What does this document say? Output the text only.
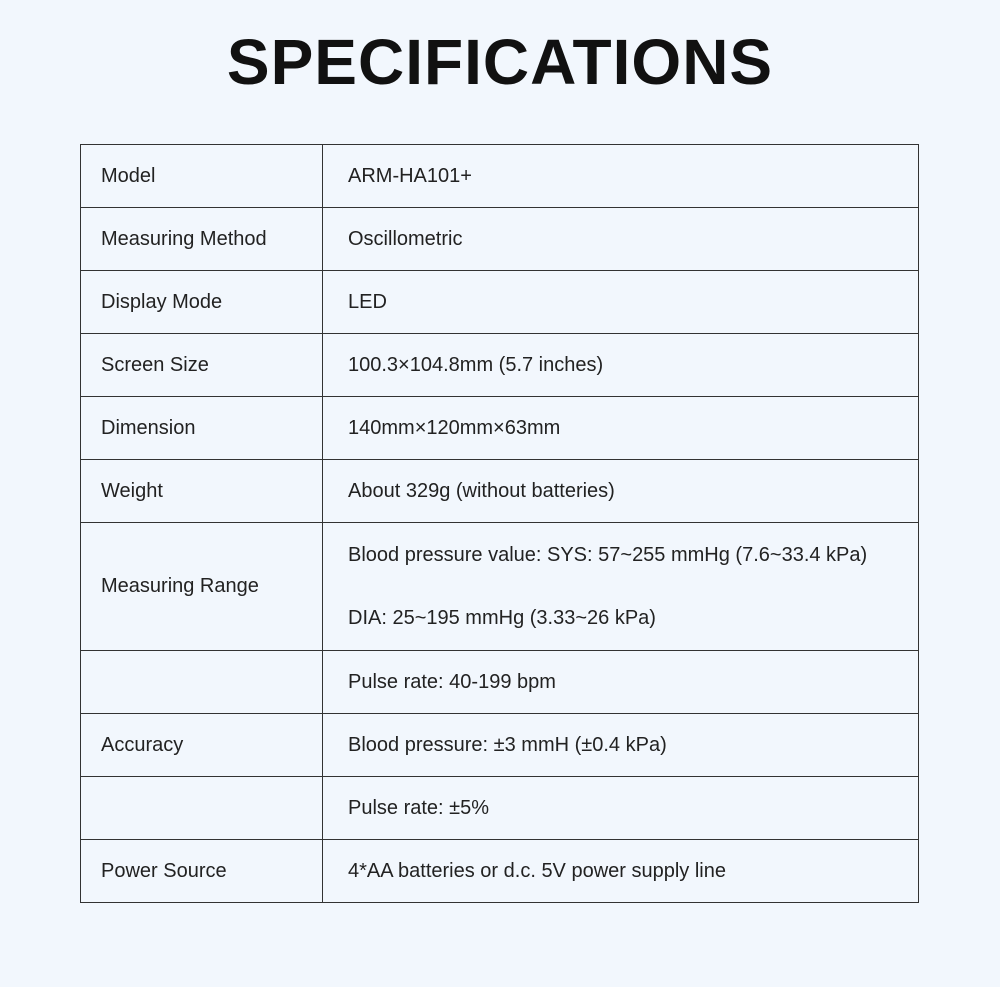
SPECIFICATIONS
Model	ARM-HA101+
Measuring Method	Oscillometric
Display Mode	LED
Screen Size	100.3×104.8mm (5.7 inches)
Dimension	140mm×120mm×63mm
Weight	About 329g (without batteries)
Measuring Range	Blood pressure value: SYS: 57~255 mmHg (7.6~33.4 kPa)
DIA: 25~195 mmHg (3.33~26 kPa)

	Pulse rate: 40-199 bpm
Accuracy	Blood pressure: ±3 mmH (±0.4 kPa)
	Pulse rate: ±5%
Power Source	4*AA batteries or d.c. 5V power supply line
